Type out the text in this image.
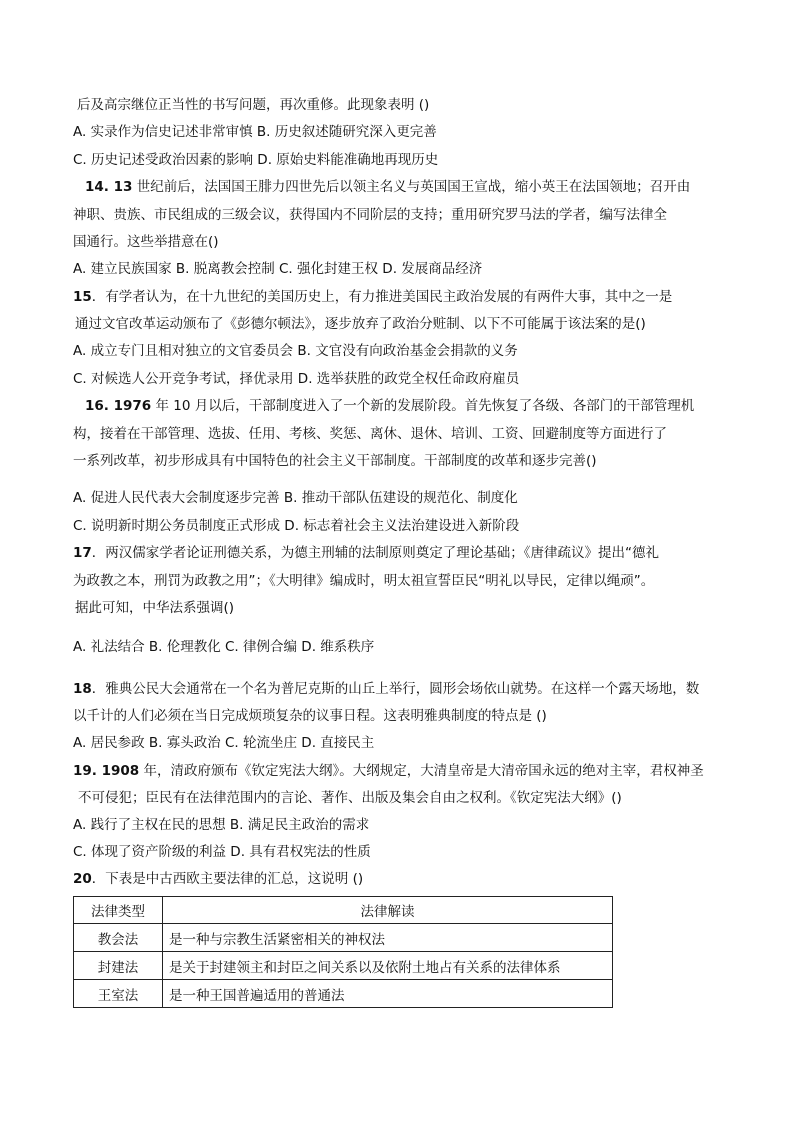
后及高宗继位正当性的书写问题，再次重修。此现象表明 ()
A. 实录作为信史记述非常审慎 B. 历史叙述随研究深入更完善
C. 历史记述受政治因素的影响 D. 原始史料能准确地再现历史
14. 13 世纪前后，法国国王腓力四世先后以领主名义与英国国王宣战，缩小英王在法国领地；召开由
神职、贵族、市民组成的三级会议，获得国内不同阶层的支持；重用研究罗马法的学者，编写法律全
国通行。这些举措意在()
A. 建立民族国家 B. 脱离教会控制 C. 强化封建王权 D. 发展商品经济
15．有学者认为，在十九世纪的美国历史上，有力推进美国民主政治发展的有两件大事，其中之一是
通过文官改革运动颁布了《彭德尔顿法》，逐步放弃了政治分赃制、以下不可能属于该法案的是()
A. 成立专门且相对独立的文官委员会 B. 文官没有向政治基金会捐款的义务
C. 对候选人公开竞争考试，择优录用 D. 选举获胜的政党全权任命政府雇员
16. 1976 年 10 月以后，干部制度进入了一个新的发展阶段。首先恢复了各级、各部门的干部管理机
构，接着在干部管理、选拔、任用、考核、奖惩、离休、退休、培训、工资、回避制度等方面进行了
一系列改革，初步形成具有中国特色的社会主义干部制度。干部制度的改革和逐步完善()
A. 促进人民代表大会制度逐步完善 B. 推动干部队伍建设的规范化、制度化
C. 说明新时期公务员制度正式形成 D. 标志着社会主义法治建设进入新阶段
17．两汉儒家学者论证刑德关系，为德主刑辅的法制原则奠定了理论基础；《唐律疏议》提出“德礼
为政教之本，刑罚为政教之用”；《大明律》编成时，明太祖宣誓臣民“明礼以导民，定律以绳顽”。
据此可知，中华法系强调()
A. 礼法结合 B. 伦理教化 C. 律例合编 D. 维系秩序
18．雅典公民大会通常在一个名为普尼克斯的山丘上举行，圆形会场依山就势。在这样一个露天场地，数
以千计的人们必须在当日完成烦琐复杂的议事日程。这表明雅典制度的特点是 ()
A. 居民参政 B. 寡头政治 C. 轮流坐庄 D. 直接民主
19. 1908 年，清政府颁布《钦定宪法大纲》。大纲规定，大清皇帝是大清帝国永远的绝对主宰，君权神圣
不可侵犯；臣民有在法律范围内的言论、著作、出版及集会自由之权利。《钦定宪法大纲》()
A. 践行了主权在民的思想 B. 满足民主政治的需求
C. 体现了资产阶级的利益 D. 具有君权宪法的性质
20．下表是中古西欧主要法律的汇总，这说明 ()
法律类型	法律解读
教会法	是一种与宗教生活紧密相关的神权法
封建法	是关于封建领主和封臣之间关系以及依附土地占有关系的法律体系
王室法	是一种王国普遍适用的普通法
